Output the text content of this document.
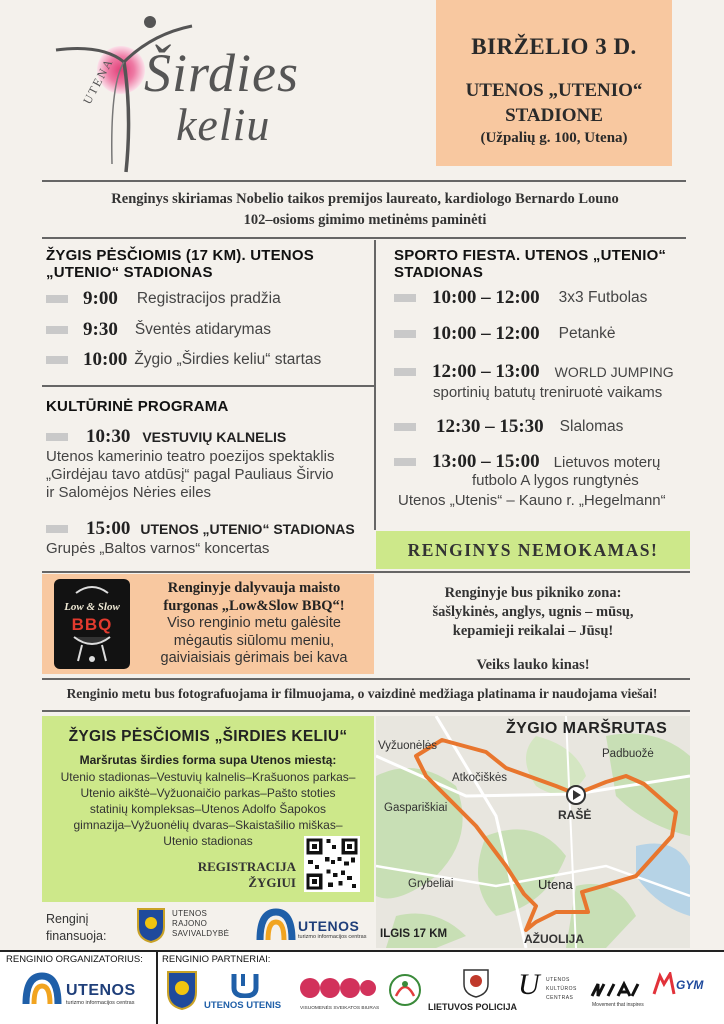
UTENA Širdies
keliu
BIRŽELIO 3 D.
UTENOS „UTENIO“
STADIONE
(Užpalių g. 100, Utena)
Renginys skiriamas Nobelio taikos premijos laureato, kardiologo Bernardo Louno
102–osioms gimimo metinėms paminėti
ŽYGIS PĖSČIOMIS (17 KM). UTENOS
„UTENIO“ STADIONAS
9:00 Registracijos pradžia
9:30 Šventės atidarymas
10:00 Žygio „Širdies keliu“ startas
KULTŪRINĖ PROGRAMA
10:30 VESTUVIŲ KALNELIS
Utenos kamerinio teatro poezijos spektaklis
„Girdėjau tavo atdūsį“ pagal Pauliaus Širvio
ir Salomėjos Nėries eiles
15:00 UTENOS „UTENIO“ STADIONAS
Grupės „Baltos varnos“ koncertas
SPORTO FIESTA. UTENOS „UTENIO“
STADIONAS
10:00 – 12:00 3x3 Futbolas
10:00 – 12:00 Petankė
12:00 – 13:00 WORLD JUMPING
sportinių batutų treniruotė vaikams
12:30 – 15:30 Slalomas
13:00 – 15:00 Lietuvos moterų
futbolo A lygos rungtynės
Utenos „Utenis“ – Kauno r. „Hegelmann“
RENGINYS NEMOKAMAS!
Low & Slow
BBQ
Renginyje dalyvauja maisto
furgonas „Low&Slow BBQ“!
Viso renginio metu galėsite
mėgautis siūlomu meniu,
gaiviaisiais gėrimais bei kava
Renginyje bus pikniko zona:
šašlykinės, anglys, ugnis – mūsų,
kepamieji reikalai – Jūsų!
Veiks lauko kinas!
Renginio metu bus fotografuojama ir filmuojama, o vaizdinė medžiaga platinama ir naudojama viešai!
ŽYGIS PĖSČIOMIS „ŠIRDIES KELIU“
Maršrutas širdies forma supa Utenos miestą:
Utenio stadionas–Vestuvių kalnelis–Krašuonos parkas–
Utenio aikštė–Vyžuonaičio parkas–Pašto stoties
statinių kompleksas–Utenos Adolfo Šapokos
gimnazija–Vyžuonėlių dvaras–Skaistašilio miškas–
Utenio stadionas
REGISTRACIJA
ŽYGIUI
ŽYGIO MARŠRUTAS
Vyžuonėlės
Padbuožė
Atkočiškės
Gaspariškiai	RAŠĖ
Grybeliai	Utena
AŽUOLIJA
ILGIS 17 KM
Renginį
finansuoja:
UTENOS
RAJONO
SAVIVALDYBĖ	UTENOS
turizmo informacijos centras
RENGINIO ORGANIZATORIUS:
UTENOS
turizmo informacijos centras
RENGINIO PARTNERIAI:
UTENOS UTENIS	VISUOMENĖS SVEIKATOS BIURAS	LIETUVOS POLICIJA
U UTENOS
KULTŪROS
CENTRAS
Movement that inspires
GYM
